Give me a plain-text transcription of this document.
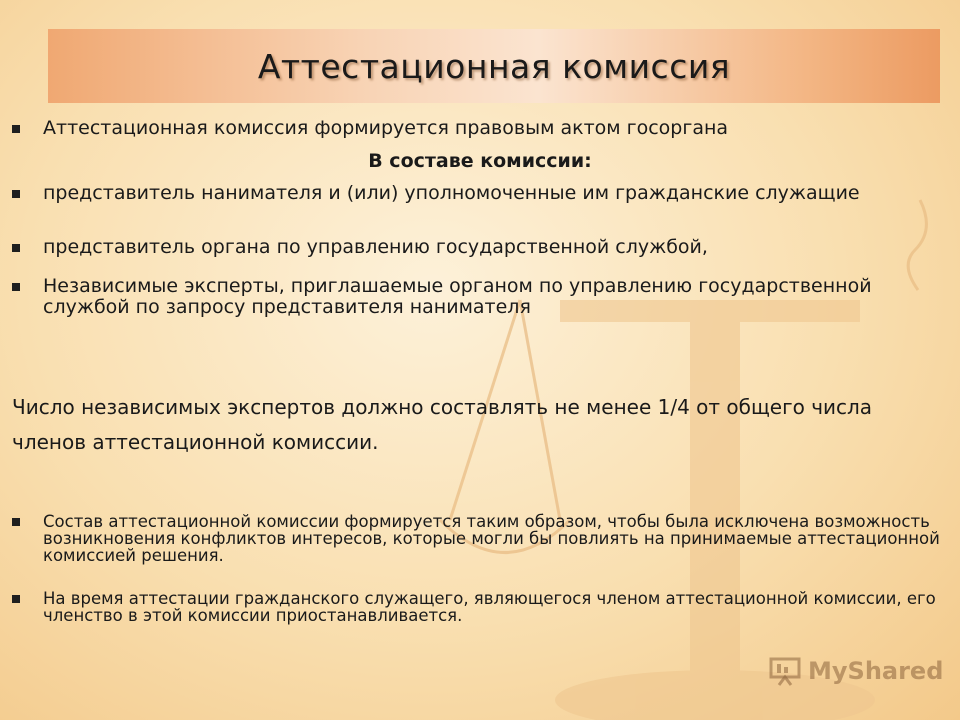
Аттестационная комиссия
Аттестационная комиссия формируется правовым актом госоргана
В составе комиссии:
представитель нанимателя и (или) уполномоченные им гражданские служащие
представитель органа по управлению государственной службой,
Независимые эксперты, приглашаемые органом по управлению государственной службой по запросу представителя нанимателя
Число независимых экспертов должно составлять не менее 1/4 от общего числа членов аттестационной комиссии.
Состав аттестационной комиссии формируется таким образом, чтобы была исключена возможность возникновения конфликтов интересов, которые могли бы повлиять на принимаемые аттестационной комиссией решения.
На время аттестации гражданского служащего, являющегося членом аттестационной комиссии, его членство в этой комиссии приостанавливается.
MyShared
